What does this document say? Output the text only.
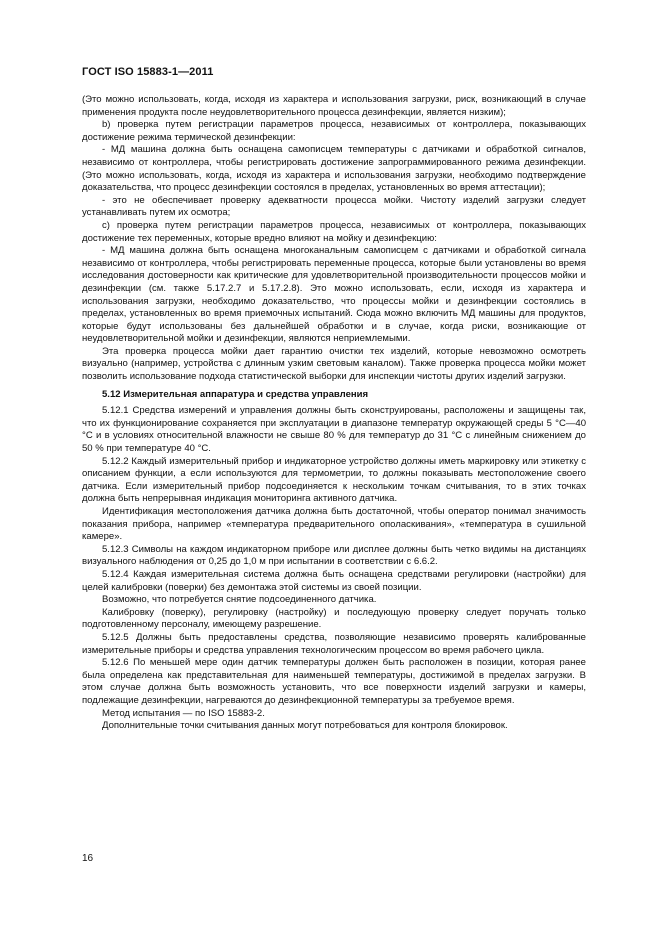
ГОСТ ISO 15883-1—2011

(Это можно использовать, когда, исходя из характера и использования загрузки, риск, возникающий в случае применения продукта после неудовлетворительного процесса дезинфекции, является низким);

b) проверка путем регистрации параметров процесса, независимых от контроллера, показывающих достижение режима термической дезинфекции:

- МД машина должна быть оснащена самописцем температуры с датчиками и обработкой сигналов, независимо от контроллера, чтобы регистрировать достижение запрограммированного режима дезинфекции. (Это можно использовать, когда, исходя из характера и использования загрузки, необходимо подтверждение доказательства, что процесс дезинфекции состоялся в пределах, установленных во время аттестации);

- это не обеспечивает проверку адекватности процесса мойки. Чистоту изделий загрузки следует устанавливать путем их осмотра;

c) проверка путем регистрации параметров процесса, независимых от контроллера, показывающих достижение тех переменных, которые вредно влияют на мойку и дезинфекцию:

- МД машина должна быть оснащена многоканальным самописцем с датчиками и обработкой сигнала независимо от контроллера, чтобы регистрировать переменные процесса, которые были установлены во время исследования достоверности как критические для удовлетворительной производительности процессов мойки и дезинфекции (см. также 5.17.2.7 и 5.17.2.8). Это можно использовать, если, исходя из характера и использования загрузки, необходимо доказательство, что процессы мойки и дезинфекции состоялись в пределах, установленных во время приемочных испытаний. Сюда можно включить МД машины для продуктов, которые будут использованы без дальнейшей обработки и в случае, когда риски, возникающие от неудовлетворительной мойки и дезинфекции, являются неприемлемыми.

Эта проверка процесса мойки дает гарантию очистки тех изделий, которые невозможно осмотреть визуально (например, устройства с длинным узким световым каналом). Также проверка процесса мойки может позволить использование подхода статистической выборки для инспекции чистоты других изделий загрузки.

5.12 Измерительная аппаратура и средства управления

5.12.1 Средства измерений и управления должны быть сконструированы, расположены и защищены так, что их функционирование сохраняется при эксплуатации в диапазоне температур окружающей среды 5 °С—40 °С и в условиях относительной влажности не свыше 80 % для температур до 31 °С с линейным снижением до 50 % при температуре 40 °С.

5.12.2 Каждый измерительный прибор и индикаторное устройство должны иметь маркировку или этикетку с описанием функции, а если используются для термометрии, то должны показывать местоположение своего датчика. Если измерительный прибор подсоединяется к нескольким точкам считывания, то в этих точках должна быть непрерывная индикация мониторинга активного датчика.

Идентификация местоположения датчика должна быть достаточной, чтобы оператор понимал значимость показания прибора, например «температура предварительного ополаскивания», «температура в сушильной камере».

5.12.3 Символы на каждом индикаторном приборе или дисплее должны быть четко видимы на дистанциях визуального наблюдения от 0,25 до 1,0 м при испытании в соответствии с 6.6.2.

5.12.4 Каждая измерительная система должна быть оснащена средствами регулировки (настройки) для целей калибровки (поверки) без демонтажа этой системы из своей позиции.

Возможно, что потребуется снятие подсоединенного датчика.

Калибровку (поверку), регулировку (настройку) и последующую проверку следует поручать только подготовленному персоналу, имеющему разрешение.

5.12.5 Должны быть предоставлены средства, позволяющие независимо проверять калиброванные измерительные приборы и средства управления технологическим процессом во время рабочего цикла.

5.12.6 По меньшей мере один датчик температуры должен быть расположен в позиции, которая ранее была определена как представительная для наименьшей температуры, достижимой в пределах загрузки. В этом случае должна быть возможность установить, что все поверхности изделий загрузки и камеры, подлежащие дезинфекции, нагреваются до дезинфекционной температуры за требуемое время.

Метод испытания — по ISO 15883-2.

Дополнительные точки считывания данных могут потребоваться для контроля блокировок.

16
